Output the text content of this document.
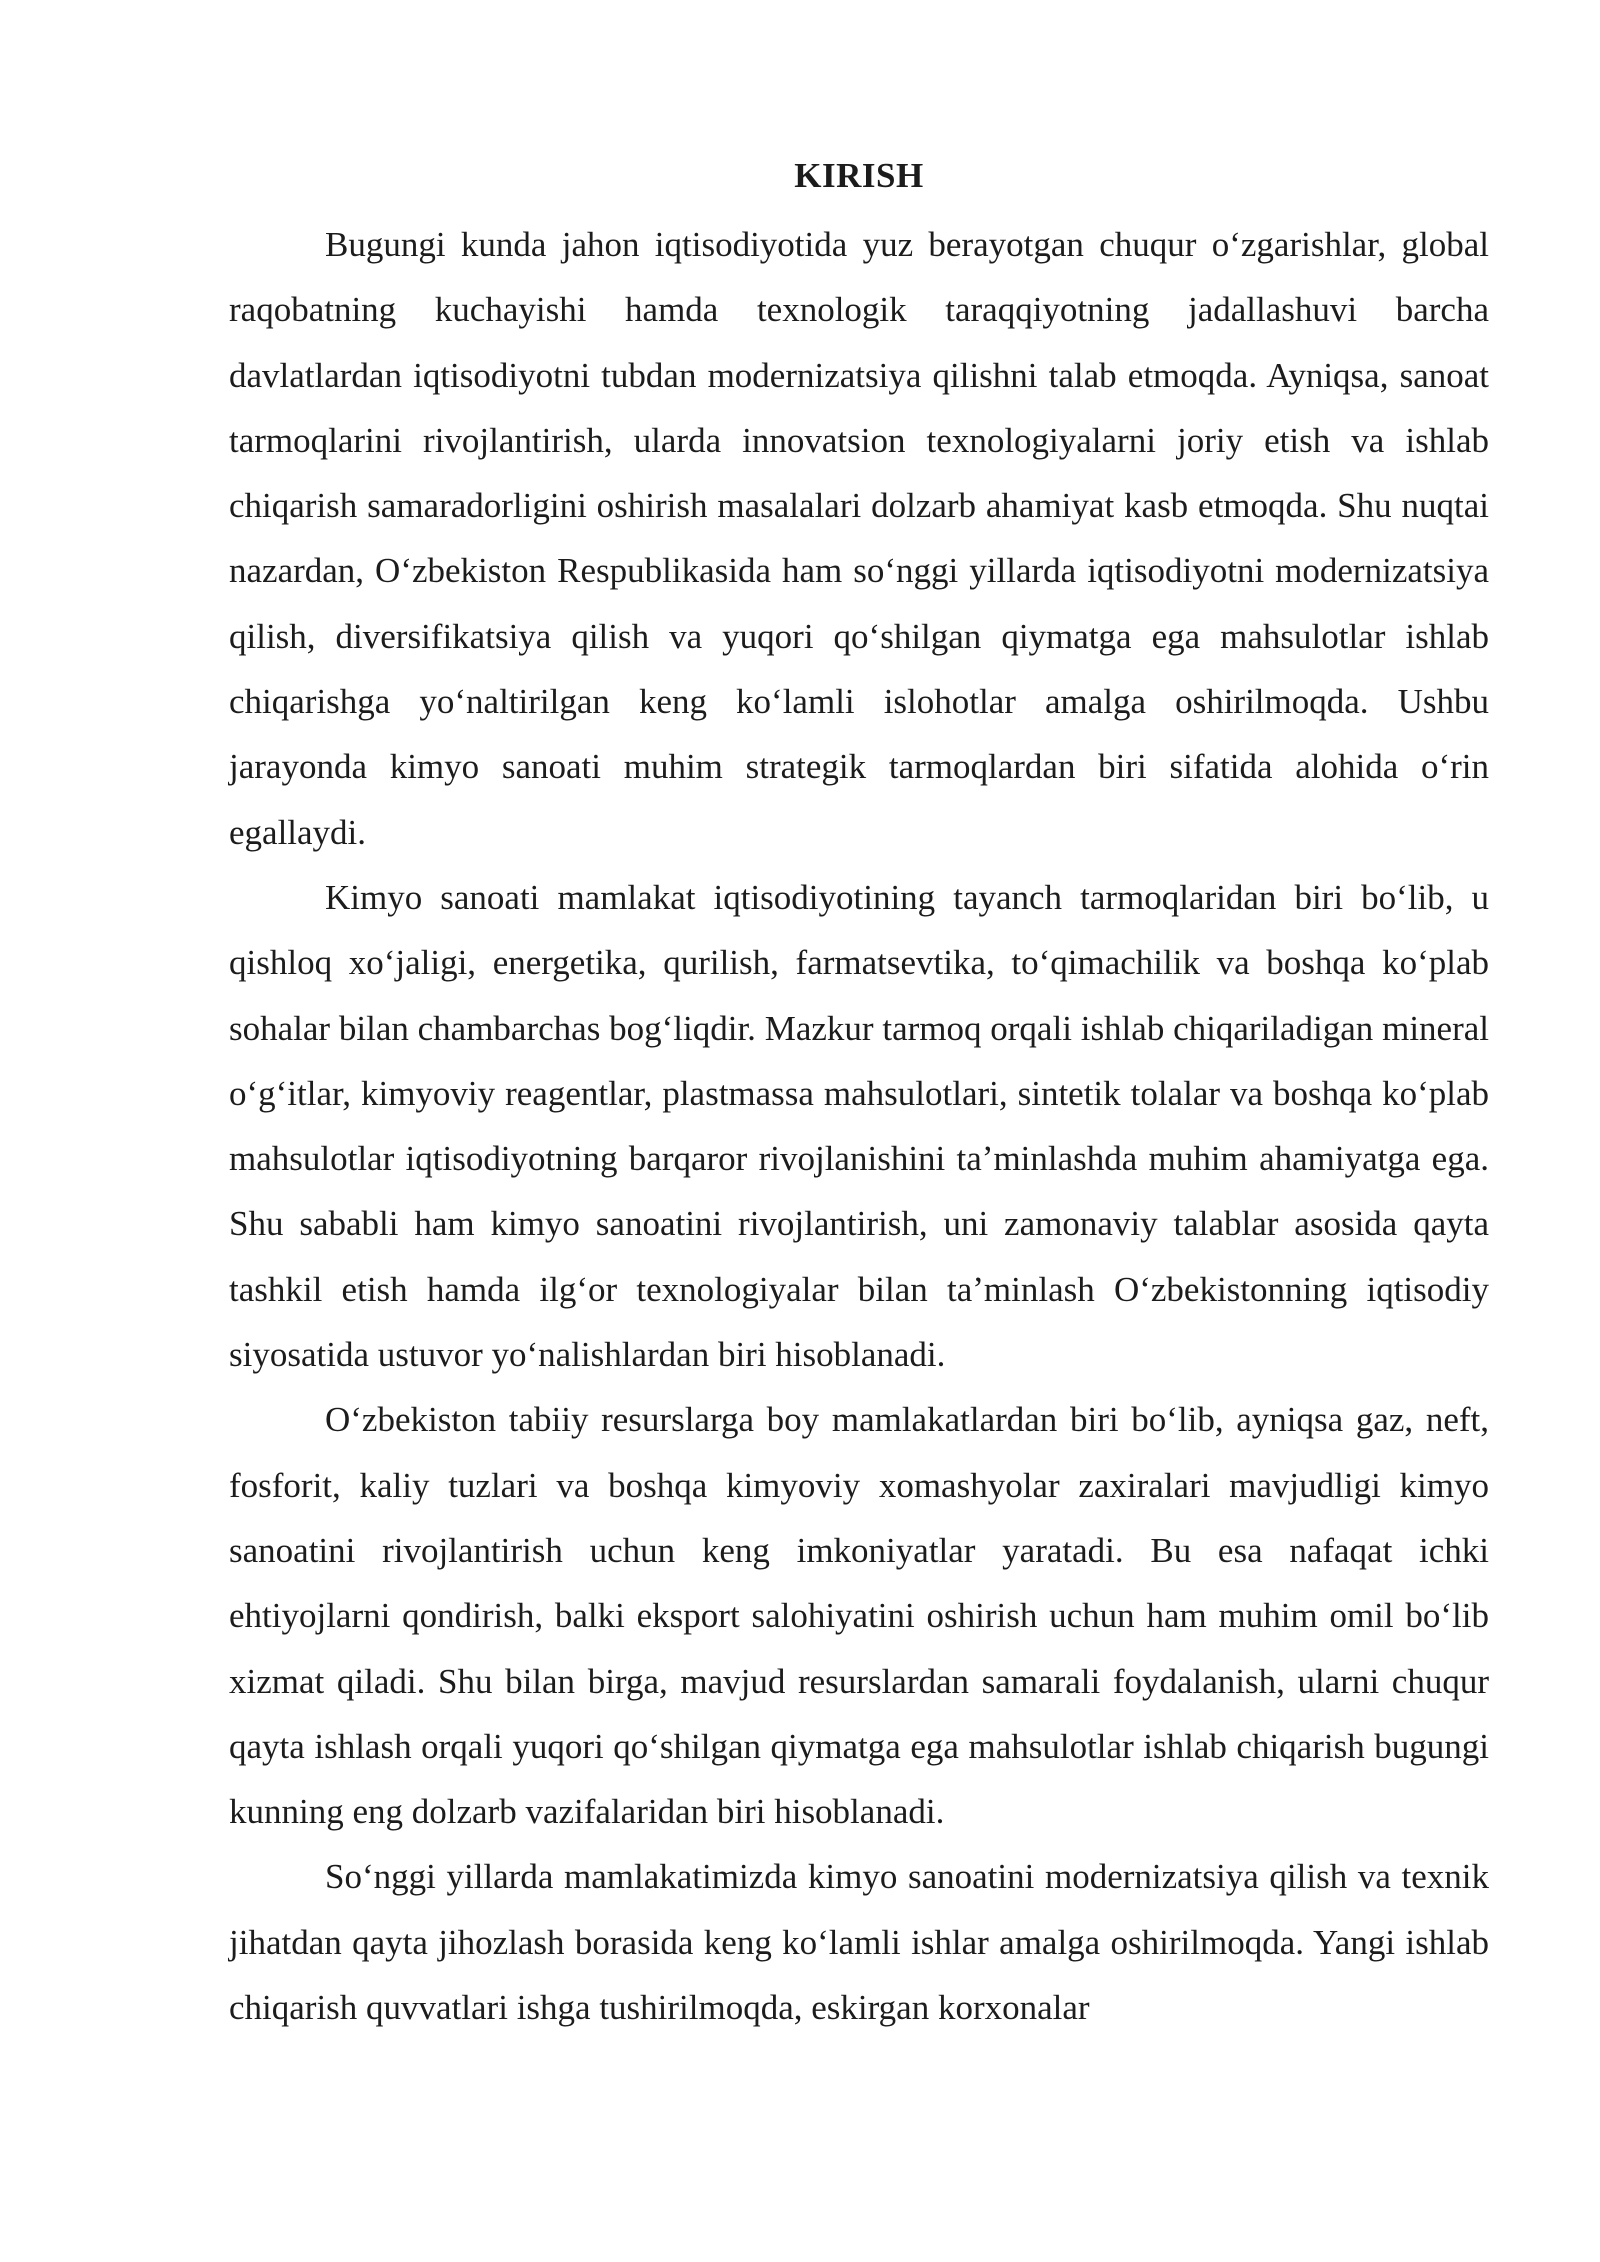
KIRISH

Bugungi kunda jahon iqtisodiyotida yuz berayotgan chuqur oʻzgarishlar, global raqobatning kuchayishi hamda texnologik taraqqiyotning jadallashuvi barcha davlatlardan iqtisodiyotni tubdan modernizatsiya qilishni talab etmoqda. Ayniqsa, sanoat tarmoqlarini rivojlantirish, ularda innovatsion texnologiyalarni joriy etish va ishlab chiqarish samaradorligini oshirish masalalari dolzarb ahamiyat kasb etmoqda. Shu nuqtai nazardan, Oʻzbekiston Respublikasida ham soʻnggi yillarda iqtisodiyotni modernizatsiya qilish, diversifikatsiya qilish va yuqori qoʻshilgan qiymatga ega mahsulotlar ishlab chiqarishga yoʻnaltirilgan keng koʻlamli islohotlar amalga oshirilmoqda. Ushbu jarayonda kimyo sanoati muhim strategik tarmoqlardan biri sifatida alohida oʻrin egallaydi.

Kimyo sanoati mamlakat iqtisodiyotining tayanch tarmoqlaridan biri boʻlib, u qishloq xoʻjaligi, energetika, qurilish, farmatsevtika, toʻqimachilik va boshqa koʻplab sohalar bilan chambarchas bogʻliqdir. Mazkur tarmoq orqali ishlab chiqariladigan mineral oʻgʻitlar, kimyoviy reagentlar, plastmassa mahsulotlari, sintetik tolalar va boshqa koʻplab mahsulotlar iqtisodiyotning barqaror rivojlanishini taʼminlashda muhim ahamiyatga ega. Shu sababli ham kimyo sanoatini rivojlantirish, uni zamonaviy talablar asosida qayta tashkil etish hamda ilgʻor texnologiyalar bilan taʼminlash Oʻzbekistonning iqtisodiy siyosatida ustuvor yoʻnalishlardan biri hisoblanadi.

Oʻzbekiston tabiiy resurslarga boy mamlakatlardan biri boʻlib, ayniqsa gaz, neft, fosforit, kaliy tuzlari va boshqa kimyoviy xomashyolar zaxiralari mavjudligi kimyo sanoatini rivojlantirish uchun keng imkoniyatlar yaratadi. Bu esa nafaqat ichki ehtiyojlarni qondirish, balki eksport salohiyatini oshirish uchun ham muhim omil boʻlib xizmat qiladi. Shu bilan birga, mavjud resurslardan samarali foydalanish, ularni chuqur qayta ishlash orqali yuqori qoʻshilgan qiymatga ega mahsulotlar ishlab chiqarish bugungi kunning eng dolzarb vazifalaridan biri hisoblanadi.

Soʻnggi yillarda mamlakatimizda kimyo sanoatini modernizatsiya qilish va texnik jihatdan qayta jihozlash borasida keng koʻlamli ishlar amalga oshirilmoqda. Yangi ishlab chiqarish quvvatlari ishga tushirilmoqda, eskirgan korxonalar
